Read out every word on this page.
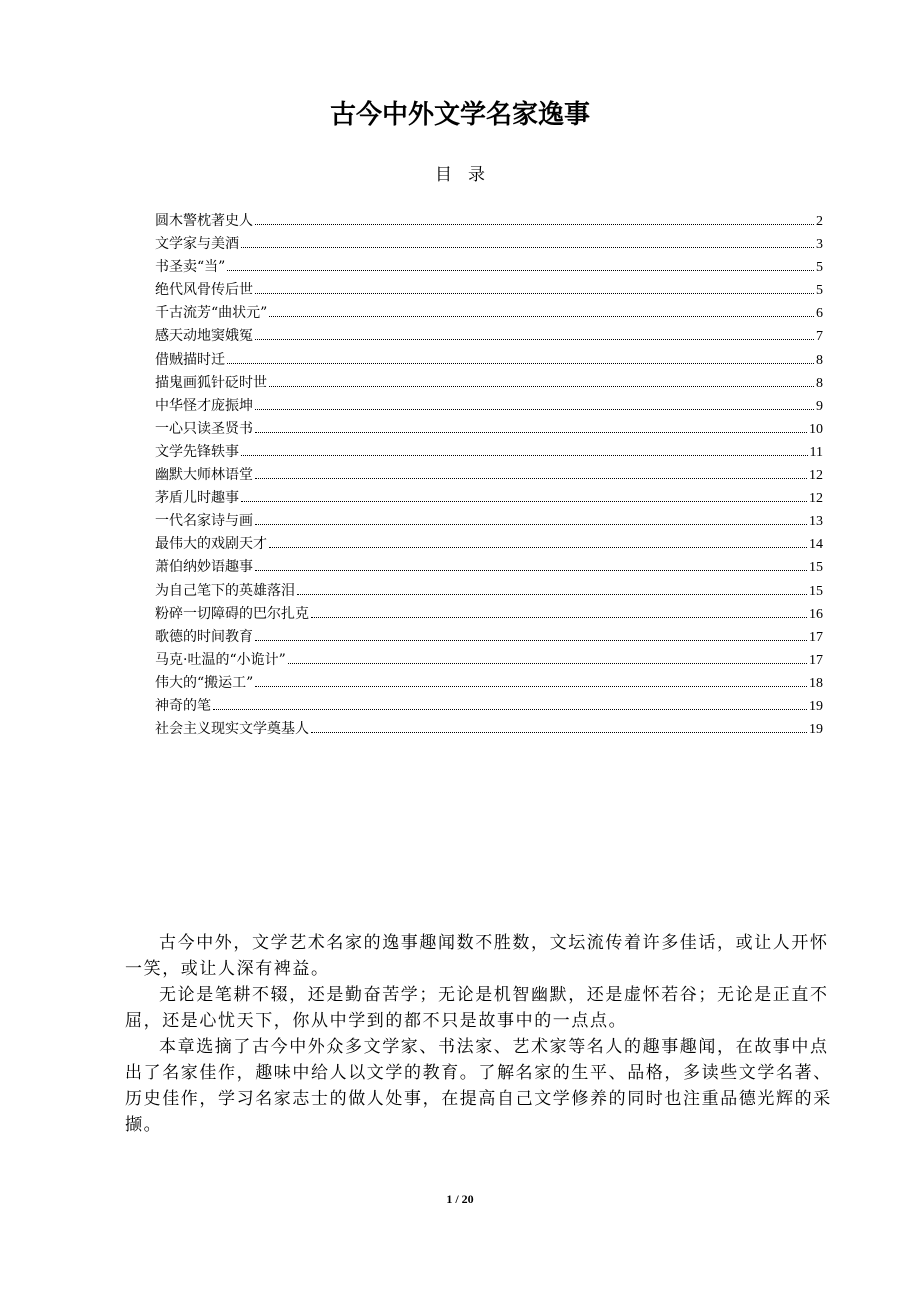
古今中外文学名家逸事
目录
圆木警枕著史人	2
文学家与美酒	3
书圣卖“当”	5
绝代风骨传后世	5
千古流芳“曲状元”	6
感天动地窦娥冤	7
借贼描时迁	8
描鬼画狐针砭时世	8
中华怪才庞振坤	9
一心只读圣贤书	10
文学先锋轶事	11
幽默大师林语堂	12
茅盾儿时趣事	12
一代名家诗与画	13
最伟大的戏剧天才	14
萧伯纳妙语趣事	15
为自己笔下的英雄落泪	15
粉碎一切障碍的巴尔扎克	16
歌德的时间教育	17
马克·吐温的“小诡计”	17
伟大的“搬运工”	18
神奇的笔	19
社会主义现实文学奠基人	19

古今中外，文学艺术名家的逸事趣闻数不胜数，文坛流传着许多佳话，或让人开怀一笑，或让人深有裨益。

无论是笔耕不辍，还是勤奋苦学；无论是机智幽默，还是虚怀若谷；无论是正直不屈，还是心忧天下，你从中学到的都不只是故事中的一点点。

本章选摘了古今中外众多文学家、书法家、艺术家等名人的趣事趣闻，在故事中点出了名家佳作，趣味中给人以文学的教育。了解名家的生平、品格，多读些文学名著、历史佳作，学习名家志士的做人处事，在提高自己文学修养的同时也注重品德光辉的采撷。

1 / 20
